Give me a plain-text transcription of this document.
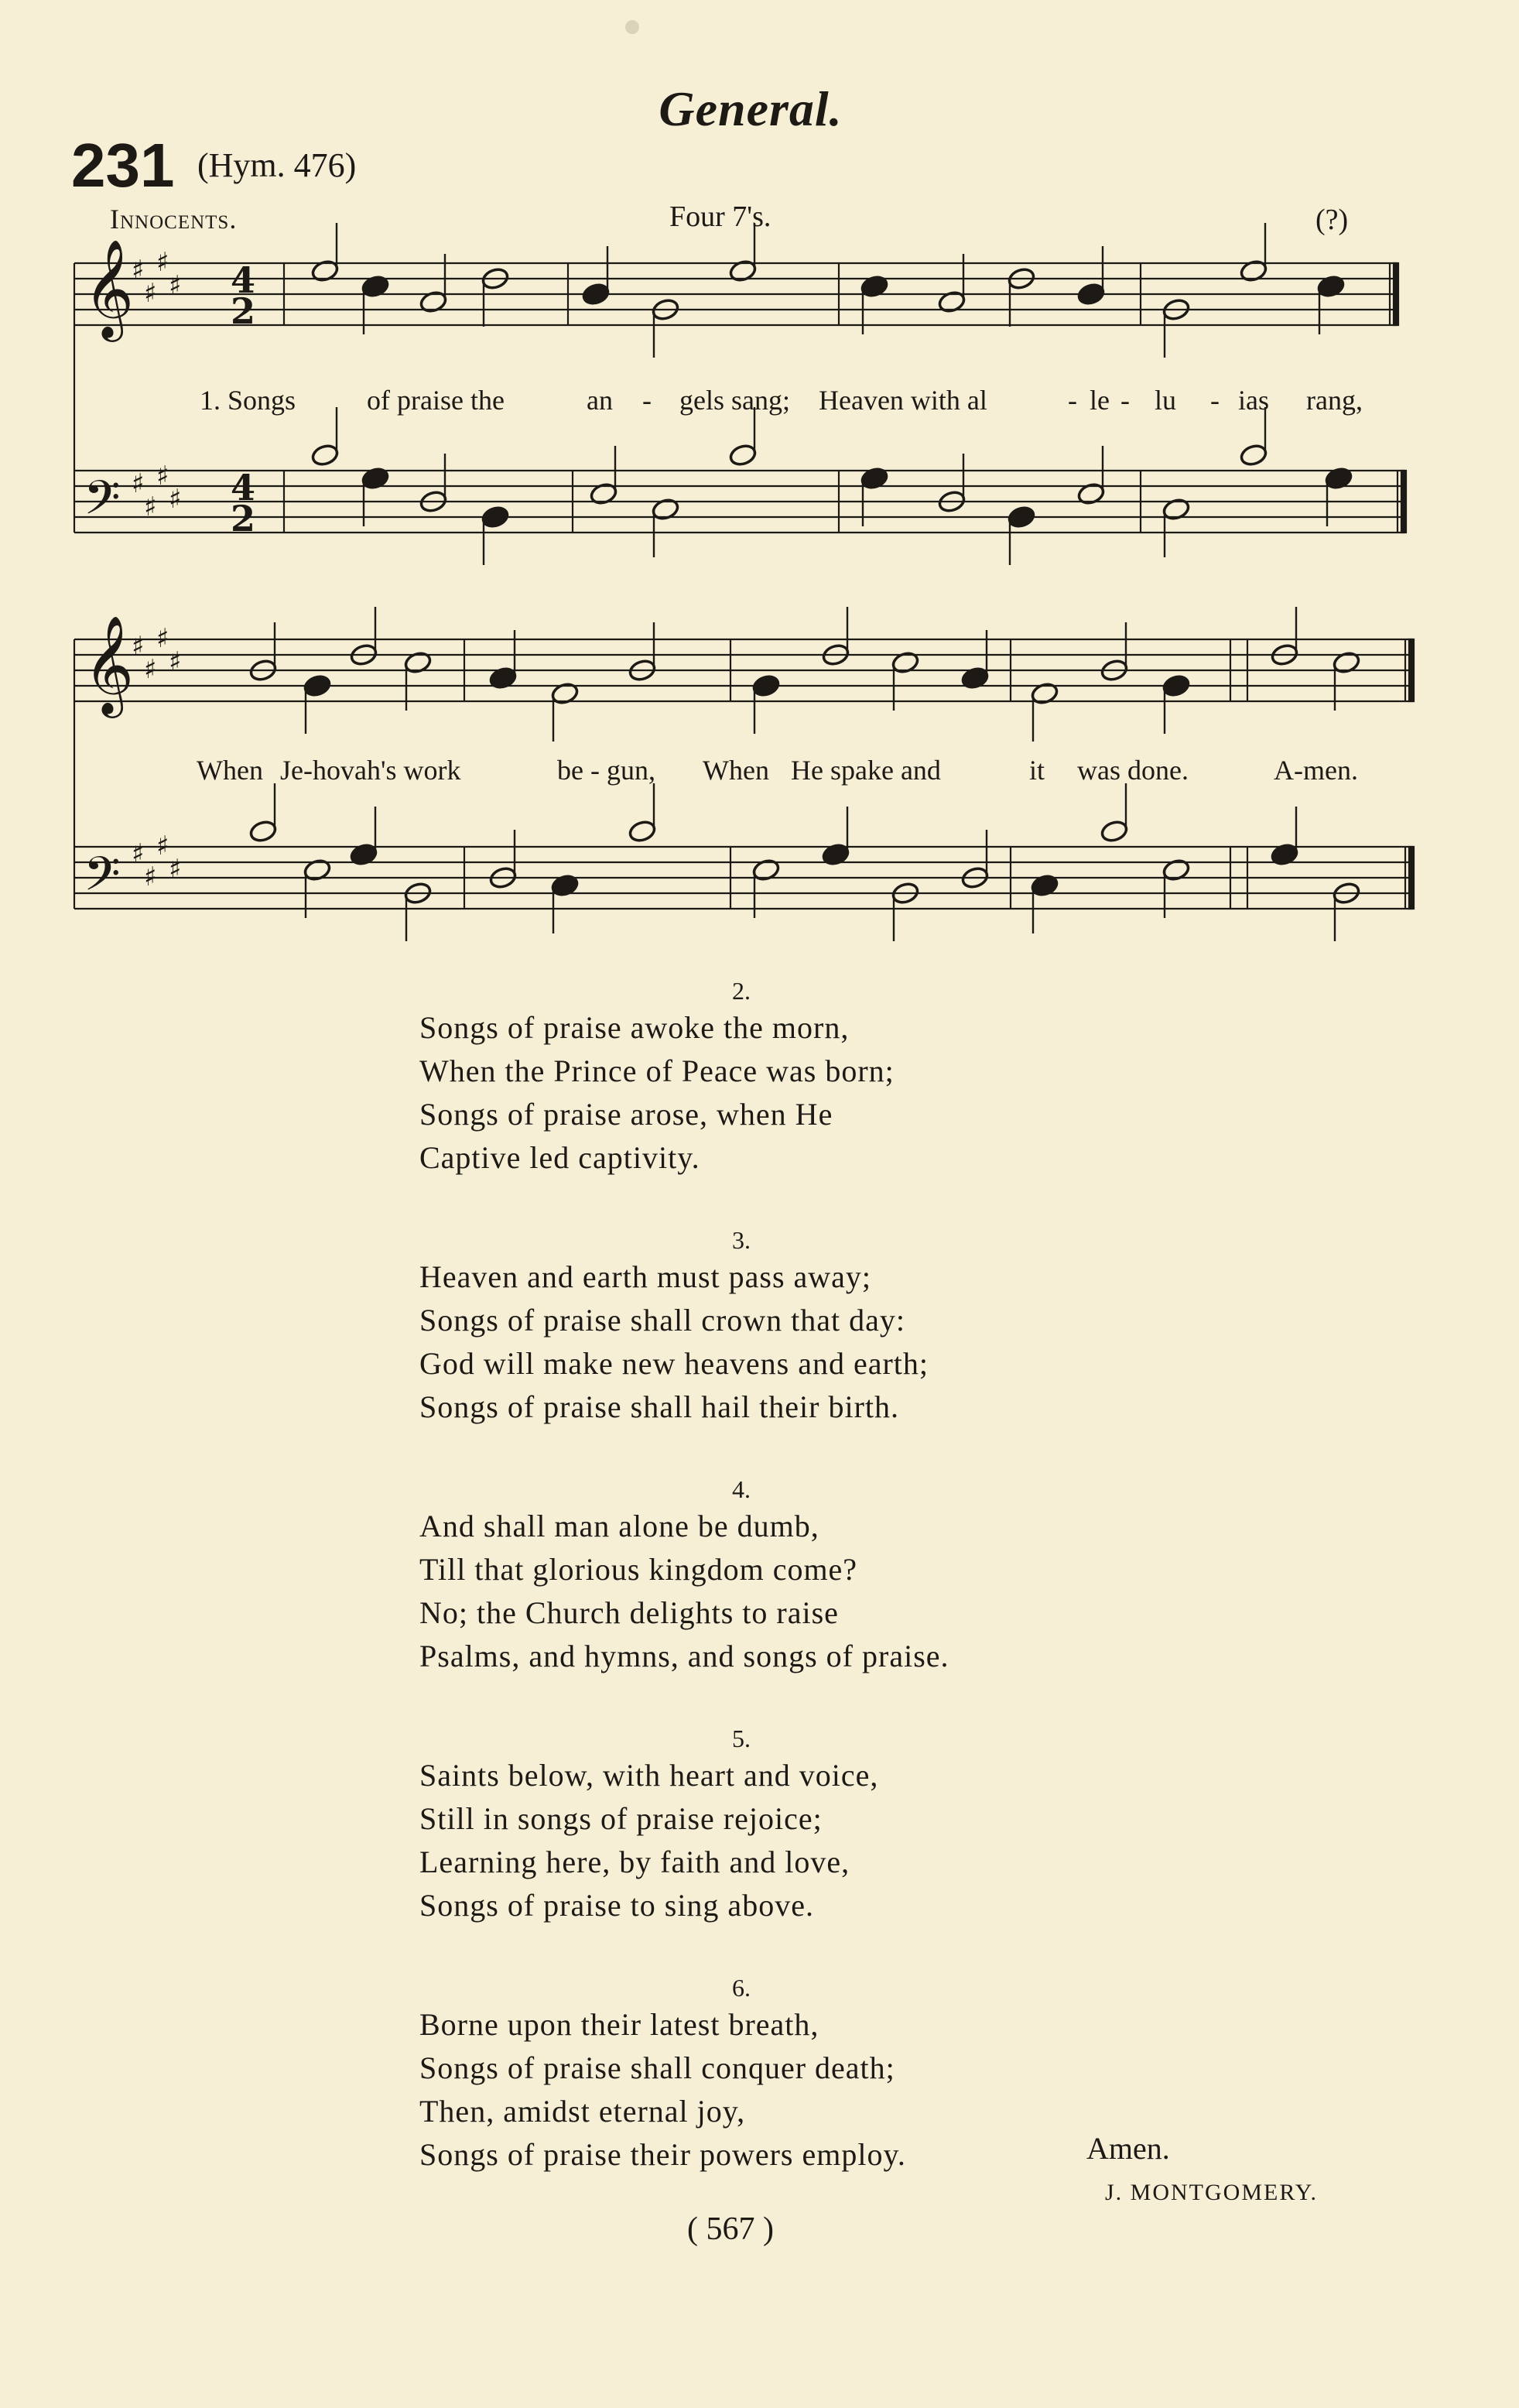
General.
231 (Hym. 476)
Innocents.	Four 7's.	(?)
𝄞
𝄢
𝄞
𝄢
♯
♯
♯
♯
♯
♯
♯
♯
♯
♯
♯
♯
♯
♯
♯
♯
4
2
4
2
1. Songs	of praise the	an - gels sang; Heaven with al	- le - lu - ias rang,
When Je-hovah's work	be - gun, When He spake and	it was done.	A-men.
2.
Songs of praise awoke the morn,
When the Prince of Peace was born;
Songs of praise arose, when He
Captive led captivity.
3.
Heaven and earth must pass away;
Songs of praise shall crown that day:
God will make new heavens and earth;
Songs of praise shall hail their birth.
4.
And shall man alone be dumb,
Till that glorious kingdom come?
No; the Church delights to raise
Psalms, and hymns, and songs of praise.
5.
Saints below, with heart and voice,
Still in songs of praise rejoice;
Learning here, by faith and love,
Songs of praise to sing above.
6.
Borne upon their latest breath,
Songs of praise shall conquer death;
Then, amidst eternal joy,
Songs of praise their powers employ.	Amen.
J. MONTGOMERY.
( 567 )
